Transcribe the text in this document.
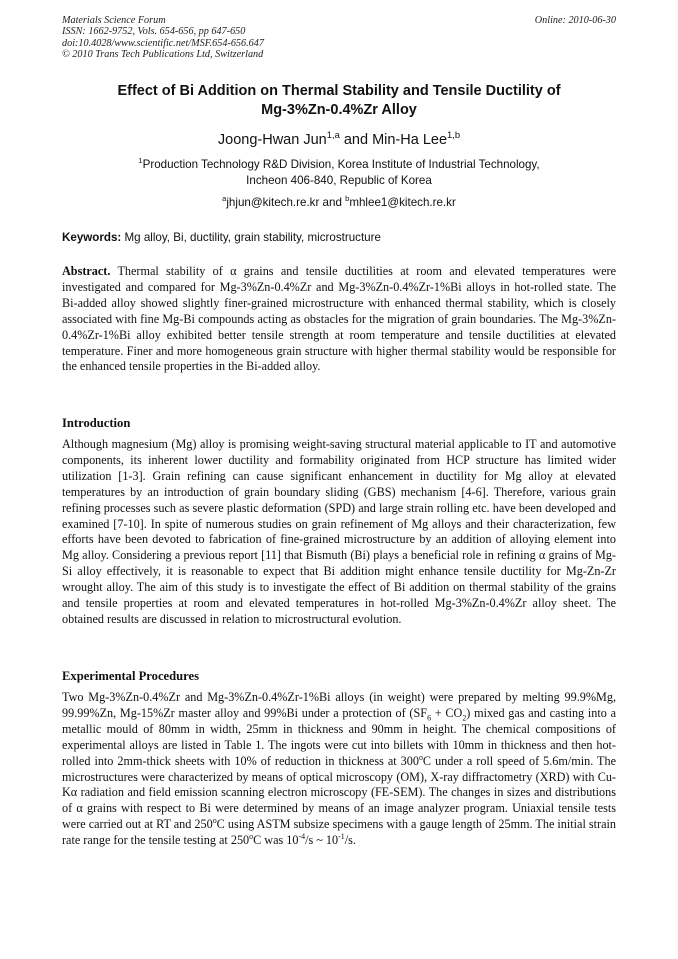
Materials Science Forum
ISSN: 1662-9752, Vols. 654-656, pp 647-650
doi:10.4028/www.scientific.net/MSF.654-656.647
© 2010 Trans Tech Publications Ltd, Switzerland
Online: 2010-06-30
Effect of Bi Addition on Thermal Stability and Tensile Ductility of
Mg-3%Zn-0.4%Zr Alloy
Joong-Hwan Jun$^{1,a}$ and Min-Ha Lee$^{1,b}$
$^1$Production Technology R&D Division, Korea Institute of Industrial Technology,
Incheon 406-840, Republic of Korea
$^a$jhjun@kitech.re.kr and $^b$mhlee1@kitech.re.kr
Keywords: Mg alloy, Bi, ductility, grain stability, microstructure
Abstract. Thermal stability of α grains and tensile ductilities at room and elevated temperatures were investigated and compared for Mg-3%Zn-0.4%Zr and Mg-3%Zn-0.4%Zr-1%Bi alloys in hot-rolled state. The Bi-added alloy showed slightly finer-grained microstructure with enhanced thermal stability, which is closely associated with fine Mg-Bi compounds acting as obstacles for the migration of grain boundaries. The Mg-3%Zn-0.4%Zr-1%Bi alloy exhibited better tensile strength at room temperature and tensile ductilities at elevated temperature. Finer and more homogeneous grain structure with higher thermal stability would be responsible for the enhanced tensile properties in the Bi-added alloy.
Introduction
Although magnesium (Mg) alloy is promising weight-saving structural material applicable to IT and automotive components, its inherent lower ductility and formability originated from HCP structure has limited wider utilization [1-3]. Grain refining can cause significant enhancement in ductility for Mg alloy at elevated temperatures by an introduction of grain boundary sliding (GBS) mechanism [4-6]. Therefore, various grain refining processes such as severe plastic deformation (SPD) and large strain rolling etc. have been developed and examined [7-10]. In spite of numerous studies on grain refinement of Mg alloys and their characterization, few efforts have been devoted to fabrication of fine-grained microstructure by an addition of alloying element into Mg alloy. Considering a previous report [11] that Bismuth (Bi) plays a beneficial role in refining α grains of Mg-Si alloy effectively, it is reasonable to expect that Bi addition might enhance tensile ductility for Mg-Zn-Zr wrought alloy. The aim of this study is to investigate the effect of Bi addition on thermal stability of the grains and tensile properties at room and elevated temperatures in hot-rolled Mg-3%Zn-0.4%Zr alloy sheet. The obtained results are discussed in relation to microstructural evolution.
Experimental Procedures
Two Mg-3%Zn-0.4%Zr and Mg-3%Zn-0.4%Zr-1%Bi alloys (in weight) were prepared by melting 99.9%Mg, 99.99%Zn, Mg-15%Zr master alloy and 99%Bi under a protection of $(SF_6 + CO_2)$ mixed gas and casting into a metallic mould of 80mm in width, 25mm in thickness and 90mm in height. The chemical compositions of experimental alloys are listed in Table 1. The ingots were cut into billets with 10mm in thickness and then hot-rolled into 2mm-thick sheets with 10% of reduction in thickness at 300$^o$C under a roll speed of 5.6m/min. The microstructures were characterized by means of optical microscopy (OM), X-ray diffractometry (XRD) with Cu-Kα radiation and field emission scanning electron microscopy (FE-SEM). The changes in sizes and distributions of α grains with respect to Bi were determined by means of an image analyzer program. Uniaxial tensile tests were carried out at RT and 250$^o$C using ASTM subsize specimens with a gauge length of 25mm. The initial strain rate range for the tensile testing at 250$^o$C was $10^{-4}/s$ ~ $10^{-1}/s$.
